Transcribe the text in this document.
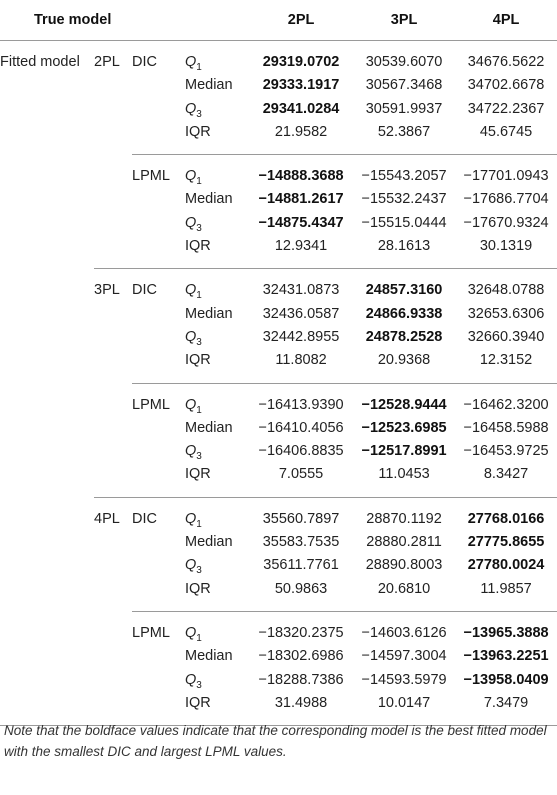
True model				2PL	3PL	4PL
Fitted model	2PL	DIC	$Q_1$	29319.0702	30539.6070	34676.5622
			Median	29333.1917	30567.3468	34702.6678
			$Q_3$	29341.0284	30591.9937	34722.2367
			IQR	21.9582	52.3867	45.6745
		LPML	$Q_1$	−14888.3688	−15543.2057	−17701.0943
			Median	−14881.2617	−15532.2437	−17686.7704
			$Q_3$	−14875.4347	−15515.0444	−17670.9324
			IQR	12.9341	28.1613	30.1319
	3PL	DIC	$Q_1$	32431.0873	24857.3160	32648.0788
			Median	32436.0587	24866.9338	32653.6306
			$Q_3$	32442.8955	24878.2528	32660.3940
			IQR	11.8082	20.9368	12.3152
		LPML	$Q_1$	−16413.9390	−12528.9444	−16462.3200
			Median	−16410.4056	−12523.6985	−16458.5988
			$Q_3$	−16406.8835	−12517.8991	−16453.9725
			IQR	7.0555	11.0453	8.3427
	4PL	DIC	$Q_1$	35560.7897	28870.1192	27768.0166
			Median	35583.7535	28880.2811	27775.8655
			$Q_3$	35611.7761	28890.8003	27780.0024
			IQR	50.9863	20.6810	11.9857
		LPML	$Q_1$	−18320.2375	−14603.6126	−13965.3888
			Median	−18302.6986	−14597.3004	−13963.2251
			$Q_3$	−18288.7386	−14593.5979	−13958.0409
			IQR	31.4988	10.0147	7.3479
Note that the boldface values indicate that the corresponding model is the best fitted model with the smallest DIC and largest LPML values.
